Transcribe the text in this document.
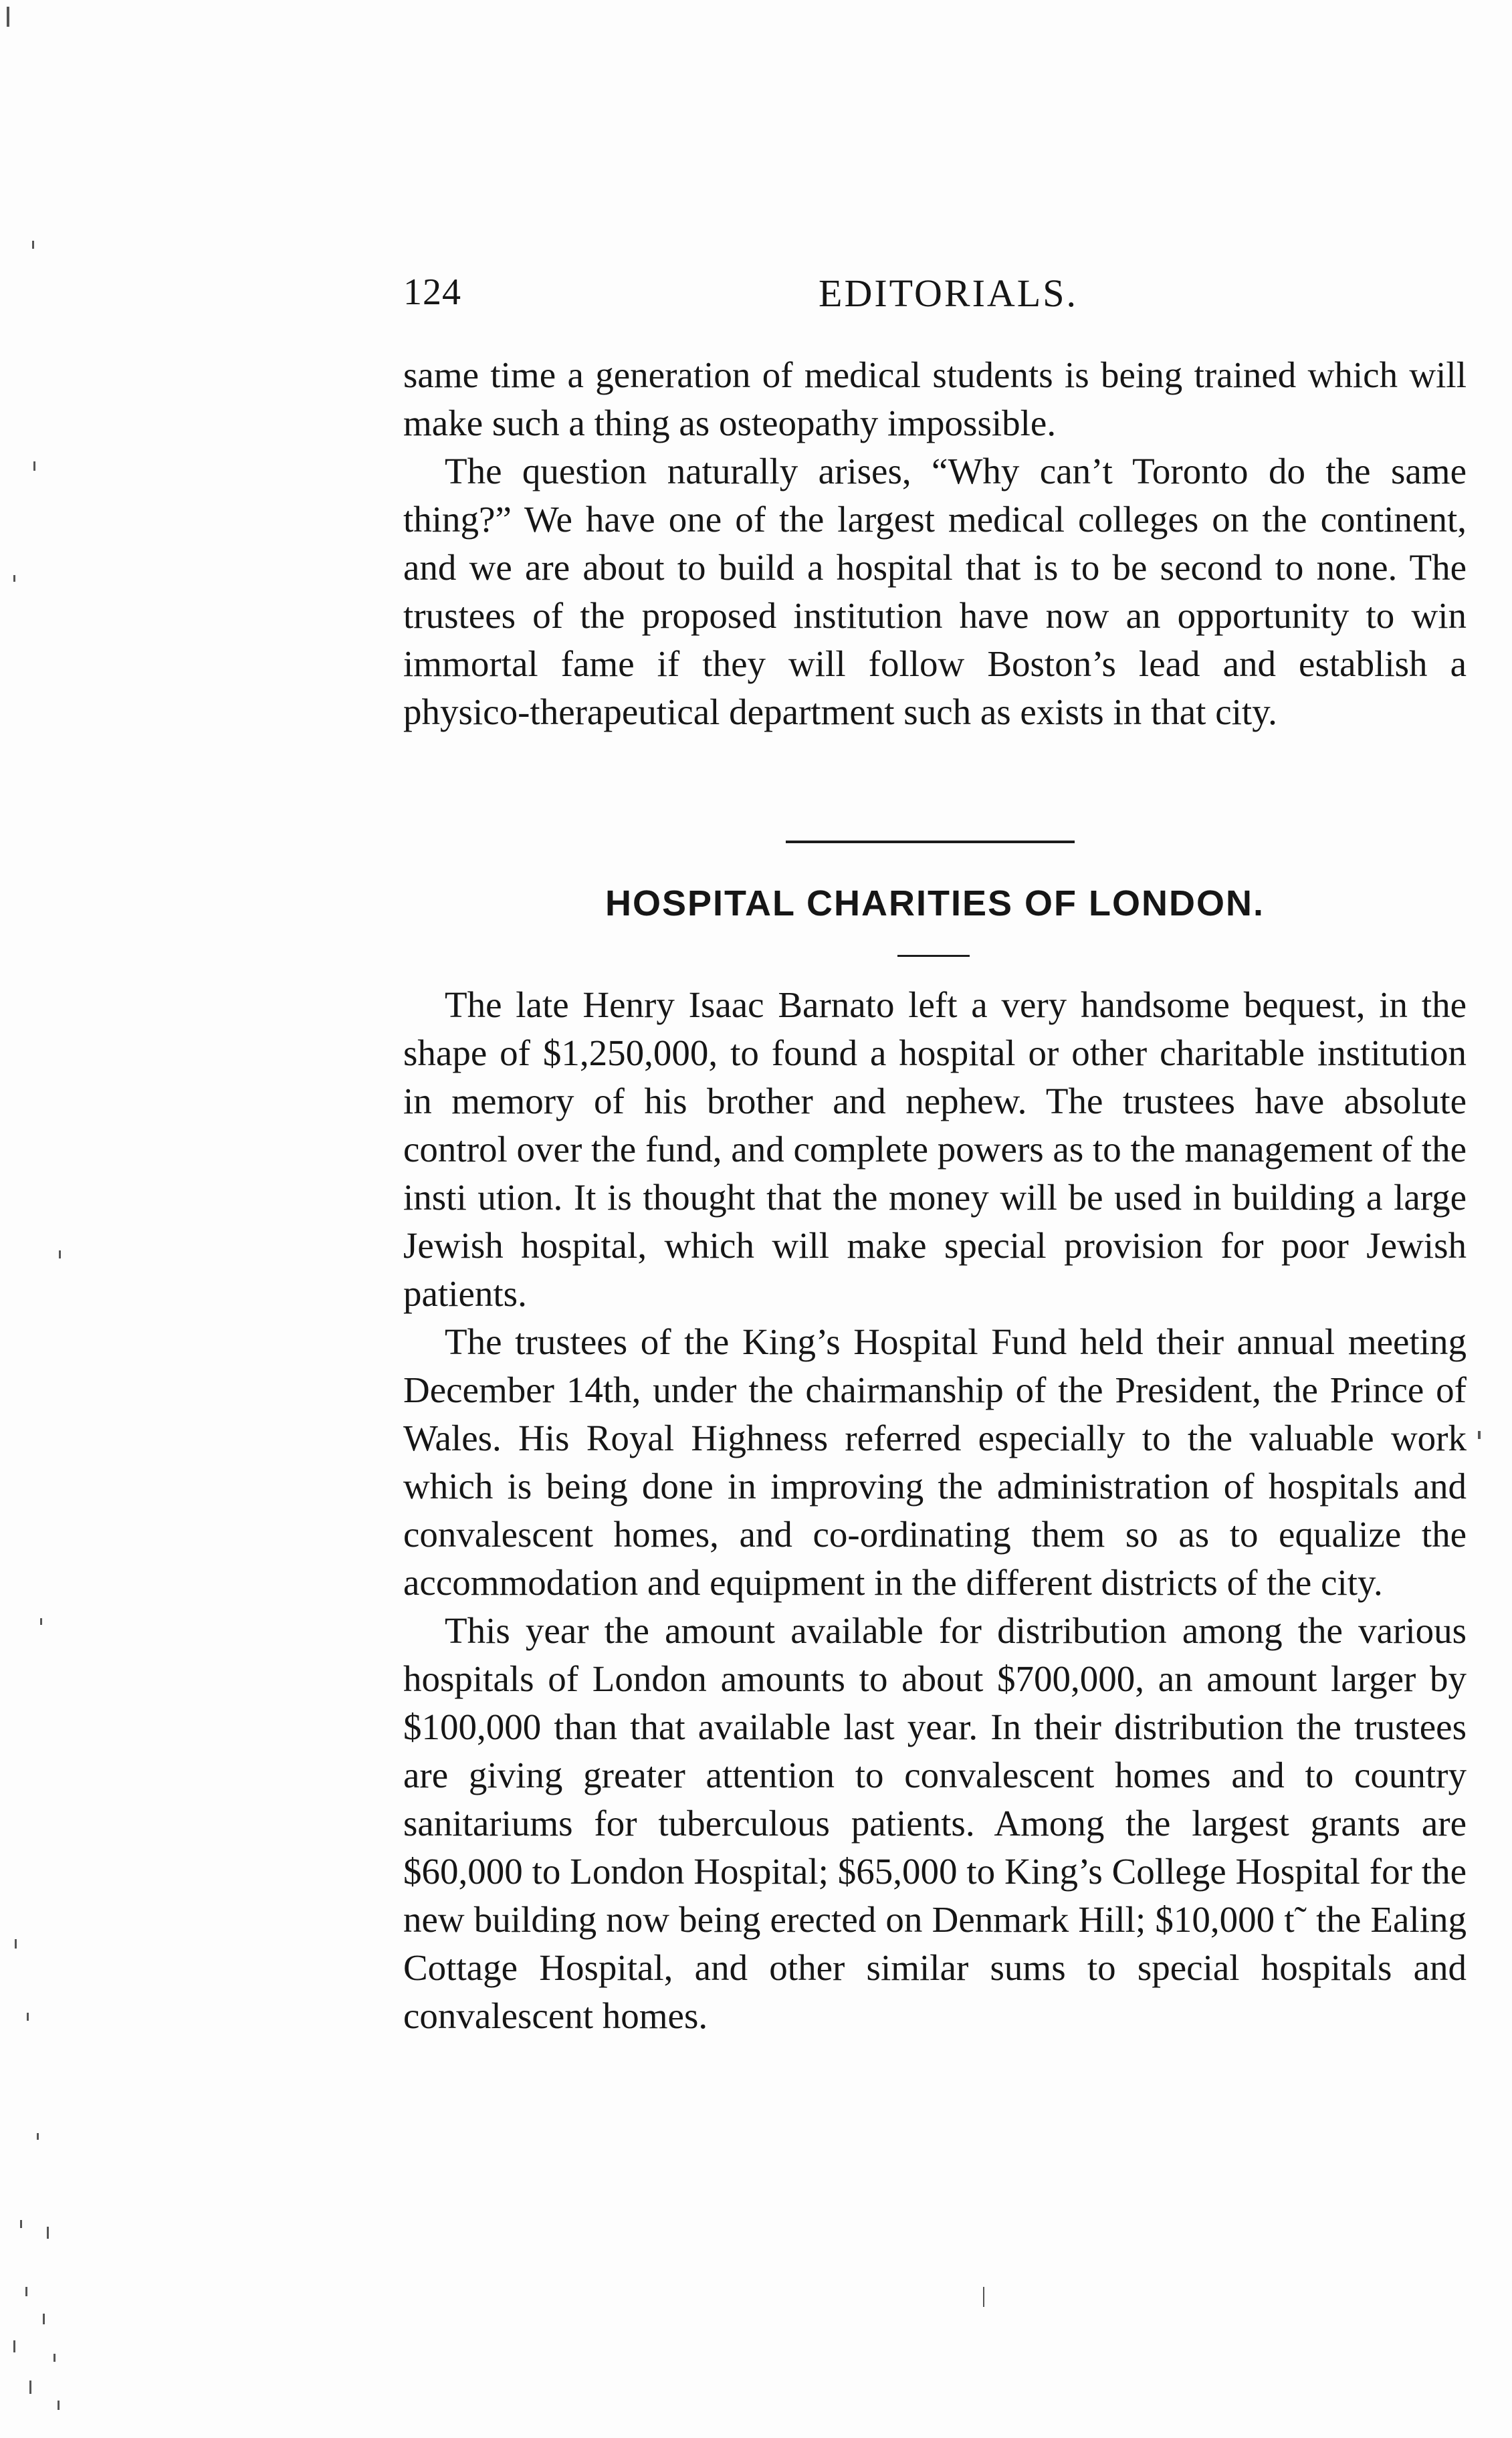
124	EDITORIALS.

same time a generation of medical students is being trained which will make such a thing as osteopathy impossible.

The question naturally arises, “Why can’t Toronto do the same thing?” We have one of the largest medical colleges on the continent, and we are about to build a hospital that is to be second to none. The trustees of the proposed institution have now an opportunity to win immortal fame if they will follow Boston’s lead and establish a physico-therapeutical department such as exists in that city.

HOSPITAL CHARITIES OF LONDON.

The late Henry Isaac Barnato left a very handsome bequest, in the shape of $1,250,000, to found a hospital or other charitable institution in memory of his brother and nephew. The trustees have absolute control over the fund, and complete powers as to the management of the insti ution. It is thought that the money will be used in building a large Jewish hospital, which will make special provision for poor Jewish patients.

The trustees of the King’s Hospital Fund held their annual meeting December 14th, under the chairmanship of the President, the Prince of Wales. His Royal Highness referred especially to the valuable work which is being done in improving the administration of hospitals and convalescent homes, and co-ordinating them so as to equalize the accommodation and equipment in the different districts of the city.

This year the amount available for distribution among the various hospitals of London amounts to about $700,000, an amount larger by $100,000 than that available last year. In their distribution the trustees are giving greater attention to convalescent homes and to country sanitariums for tuberculous patients. Among the largest grants are $60,000 to London Hospital; $65,000 to King’s College Hospital for the new building now being erected on Denmark Hill; $10,000 t˜ the Ealing Cottage Hospital, and other similar sums to special hospitals and convalescent homes.
